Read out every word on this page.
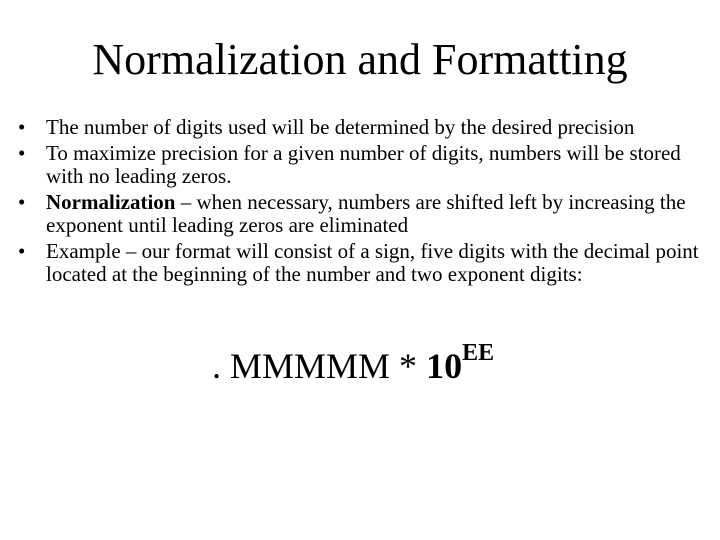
Normalization and Formatting
• The number of digits used will be determined by the desired precision
• To maximize precision for a given number of digits, numbers will be stored with no leading zeros.
• Normalization – when necessary, numbers are shifted left by increasing the exponent until leading zeros are eliminated
• Example – our format will consist of a sign, five digits with the decimal point located at the beginning of the number and two exponent digits:
. MMMMM * $10^{EE}$
